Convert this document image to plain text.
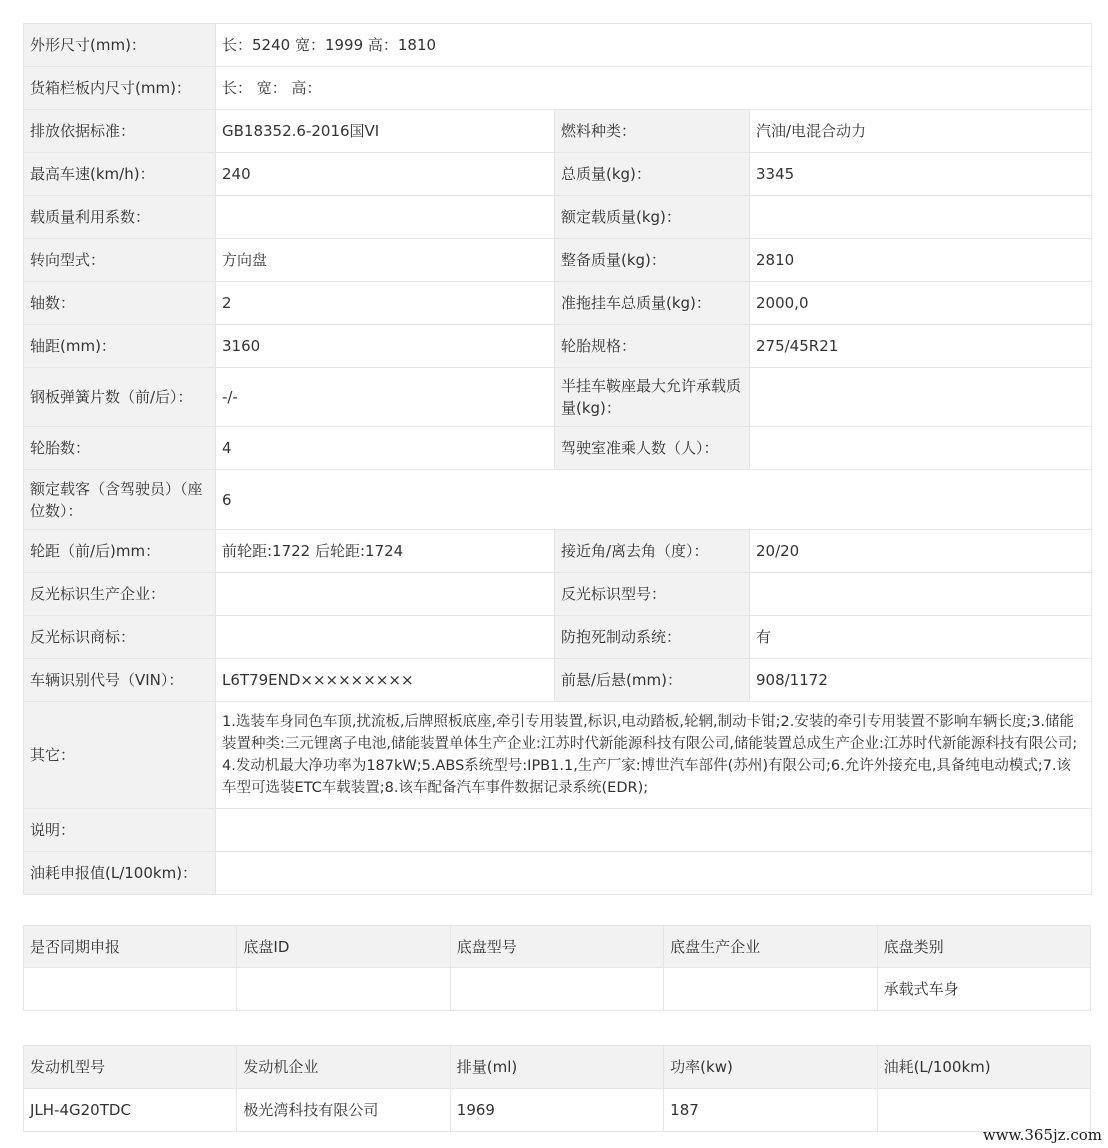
外形尺寸(mm)：	长：5240 宽：1999 高：1810		
货箱栏板内尺寸(mm)：	长： 宽： 高：		
排放依据标准：	GB18352.6-2016国VI	燃料种类：	汽油/电混合动力
最高车速(km/h)：	240	总质量(kg)：	3345
载质量利用系数：		额定载质量(kg)：	
转向型式：	方向盘	整备质量(kg)：	2810
轴数：	2	准拖挂车总质量(kg)：	2000,0
轴距(mm)：	3160	轮胎规格：	275/45R21
钢板弹簧片数（前/后）：	-/-	半挂车鞍座最大允许承载质量(kg)：	
轮胎数：	4	驾驶室准乘人数（人）：	
额定载客（含驾驶员）（座位数）：	6		
轮距（前/后)mm：	前轮距:1722 后轮距:1724	接近角/离去角（度）：	20/20
反光标识生产企业：		反光标识型号：	
反光标识商标：		防抱死制动系统：	有
车辆识别代号（VIN）：	L6T79END×××××××××	前悬/后悬(mm)：	908/1172
其它：	1.选装车身同色车顶,扰流板,后牌照板底座,牵引专用装置,标识,电动踏板,轮辋,制动卡钳;2.安装的牵引专用装置不影响车辆长度;3.储能装置种类:三元锂离子电池,储能装置单体生产企业:江苏时代新能源科技有限公司,储能装置总成生产企业:江苏时代新能源科技有限公司;4.发动机最大净功率为187kW;5.ABS系统型号:IPB1.1,生产厂家:博世汽车部件(苏州)有限公司;6.允许外接充电,具备纯电动模式;7.该车型可选装ETC车载装置;8.该车配备汽车事件数据记录系统(EDR);		
说明：			
油耗申报值(L/100km)：			
是否同期申报	底盘ID	底盘型号	底盘生产企业	底盘类别
				承载式车身
发动机型号	发动机企业	排量(ml)	功率(kw)	油耗(L/100km)
JLH-4G20TDC	极光湾科技有限公司	1969	187	
www.365jz.com
